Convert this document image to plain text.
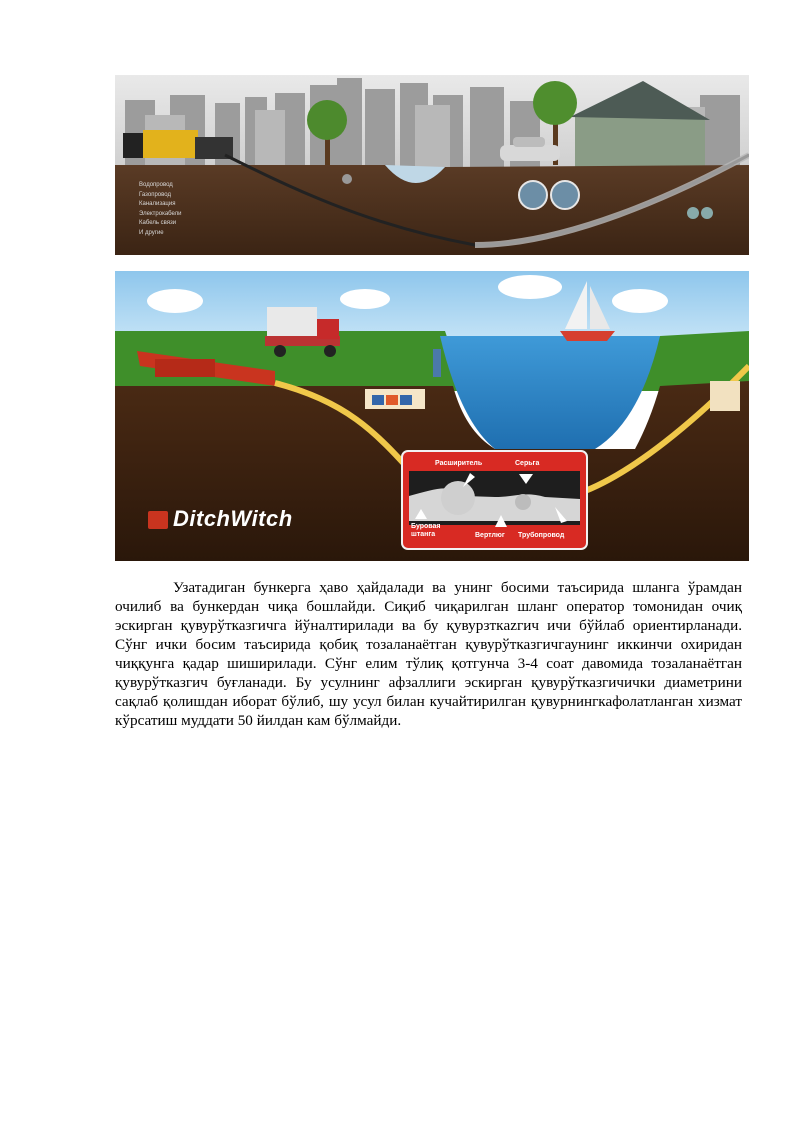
Водопровод
Газопровод
Канализация
Электрокабели
Кабель связи
И другие
DitchWitch
Расширитель	Серьга
Буровая штанга	Вертлюг Трубопровод

Узатадиган бункерга ҳаво ҳайдалади ва унинг босими таъсирида шланга ўрамдан очилиб ва бункердан чиқа бошлайди. Сиқиб чиқарилган шланг оператор томонидан очиқ эскирган қувурўтказгичга йўналтирилади ва бу қувурзткazгич ичи бўйлаб ориентирланади. Сўнг ички босим таъсирида қобиқ тозаланаётган қувурўтказгичгаунинг иккинчи охиридан чиққунга қадар шиширилади. Сўнг елим тўлиқ қотгунча 3-4 соат давомида тозаланаётган қувурўтказгич буғланади. Бу усулнинг афзаллиги эскирган қувурўтказгичички диаметрини сақлаб қолишдан иборат бўлиб, шу усул билан кучайтирилган қувурнингкафолатланган хизмат кўрсатиш муддати 50 йилдан кам бўлмайди.
